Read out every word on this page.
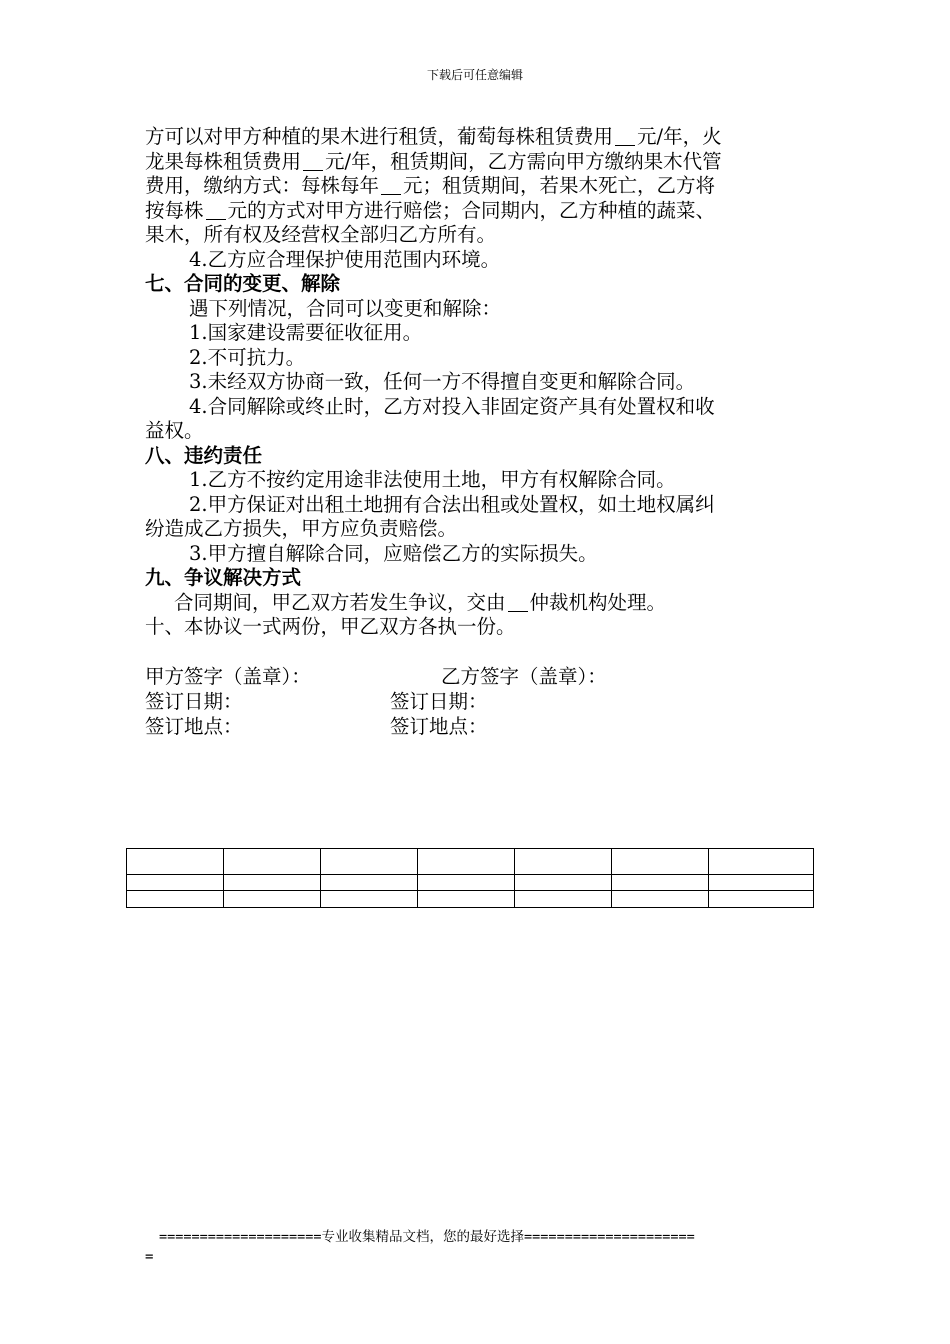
下载后可任意编辑

方可以对甲方种植的果木进行租赁，葡萄每株租赁费用 元/年，火

龙果每株租赁费用 元/年，租赁期间，乙方需向甲方缴纳果木代管

费用，缴纳方式：每株每年 元；租赁期间，若果木死亡，乙方将

按每株 元的方式对甲方进行赔偿；合同期内，乙方种植的蔬菜、

果木，所有权及经营权全部归乙方所有。

4.乙方应合理保护使用范围内环境。

七、合同的变更、解除

遇下列情况，合同可以变更和解除：

1.国家建设需要征收征用。

2.不可抗力。

3.未经双方协商一致，任何一方不得擅自变更和解除合同。

4.合同解除或终止时，乙方对投入非固定资产具有处置权和收

益权。

八、违约责任

1.乙方不按约定用途非法使用土地，甲方有权解除合同。

2.甲方保证对出租土地拥有合法出租或处置权，如土地权属纠

纷造成乙方损失，甲方应负责赔偿。

3.甲方擅自解除合同，应赔偿乙方的实际损失。

九、争议解决方式

合同期间，甲乙双方若发生争议，交由 仲裁机构处理。

十、本协议一式两份，甲乙双方各执一份。

甲方签字（盖章）：	乙方签字（盖章）：
签订日期：	签订日期：
签订地点：	签订地点：

====================专业收集精品文档，您的最好选择=====================
=
